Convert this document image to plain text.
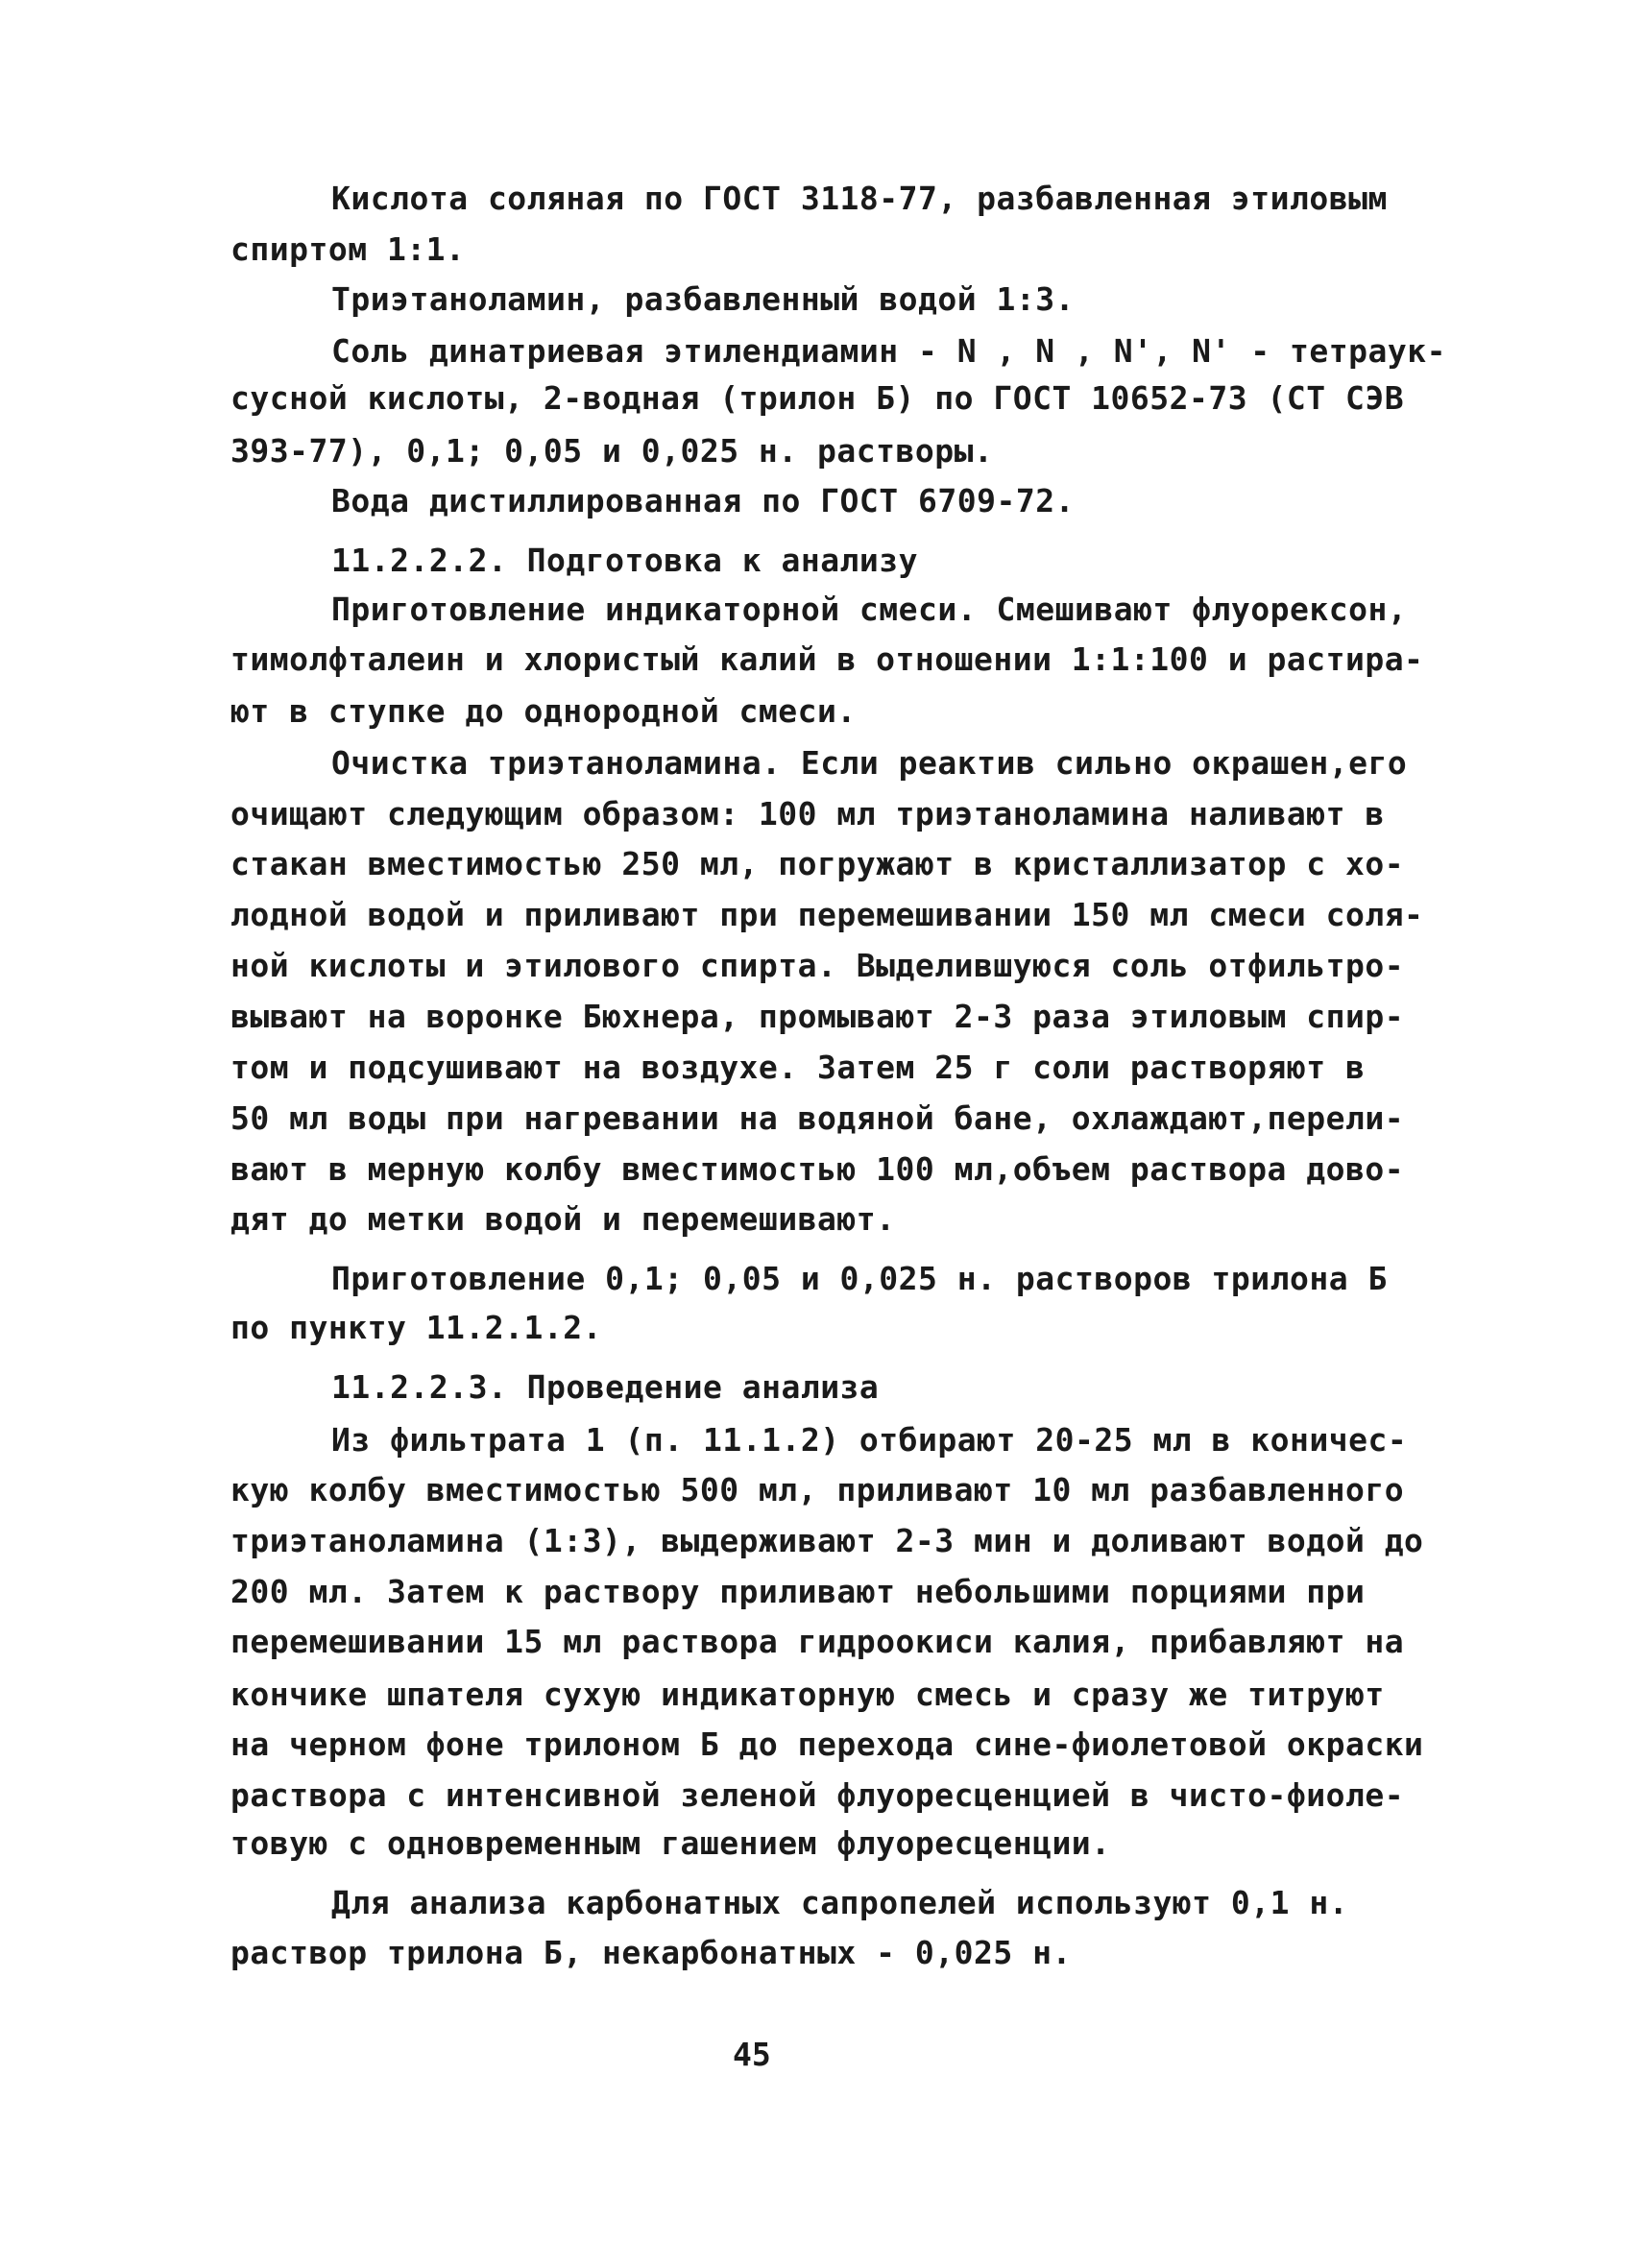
Кислота соляная по ГОСТ 3118-77, разбавленная этиловым
спиртом 1:1.
Триэтаноламин, разбавленный водой 1:3.
Соль динатриевая этилендиамин - N , N , N', N' - тетраук-
сусной кислоты, 2-водная (трилон Б) по ГОСТ 10652-73 (СТ СЭВ
393-77), 0,1; 0,05 и 0,025 н. растворы.
Вода дистиллированная по ГОСТ 6709-72.
11.2.2.2. Подготовка к анализу
Приготовление индикаторной смеси. Смешивают флуорексон,
тимолфталеин и хлористый калий в отношении 1:1:100 и растира-
ют в ступке до однородной смеси.
Очистка триэтаноламина. Если реактив сильно окрашен,его
очищают следующим образом: 100 мл триэтаноламина наливают в
стакан вместимостью 250 мл, погружают в кристаллизатор с хо-
лодной водой и приливают при перемешивании 150 мл смеси соля-
ной кислоты и этилового спирта. Выделившуюся соль отфильтро-
вывают на воронке Бюхнера, промывают 2-3 раза этиловым спир-
том и подсушивают на воздухе. Затем 25 г соли растворяют в
50 мл воды при нагревании на водяной бане, охлаждают,перели-
вают в мерную колбу вместимостью 100 мл,объем раствора дово-
дят до метки водой и перемешивают.
Приготовление 0,1; 0,05 и 0,025 н. растворов трилона Б
по пункту 11.2.1.2.
11.2.2.3. Проведение анализа
Из фильтрата 1 (п. 11.1.2) отбирают 20-25 мл в коничес-
кую колбу вместимостью 500 мл, приливают 10 мл разбавленного
триэтаноламина (1:3), выдерживают 2-3 мин и доливают водой до
200 мл. Затем к раствору приливают небольшими порциями при
перемешивании 15 мл раствора гидроокиси калия, прибавляют на
кончике шпателя сухую индикаторную смесь и сразу же титруют
на черном фоне трилоном Б до перехода сине-фиолетовой окраски
раствора с интенсивной зеленой флуоресценцией в чисто-фиоле-
товую с одновременным гашением флуоресценции.
Для анализа карбонатных сапропелей используют 0,1 н.
раствор трилона Б, некарбонатных - 0,025 н.
45
